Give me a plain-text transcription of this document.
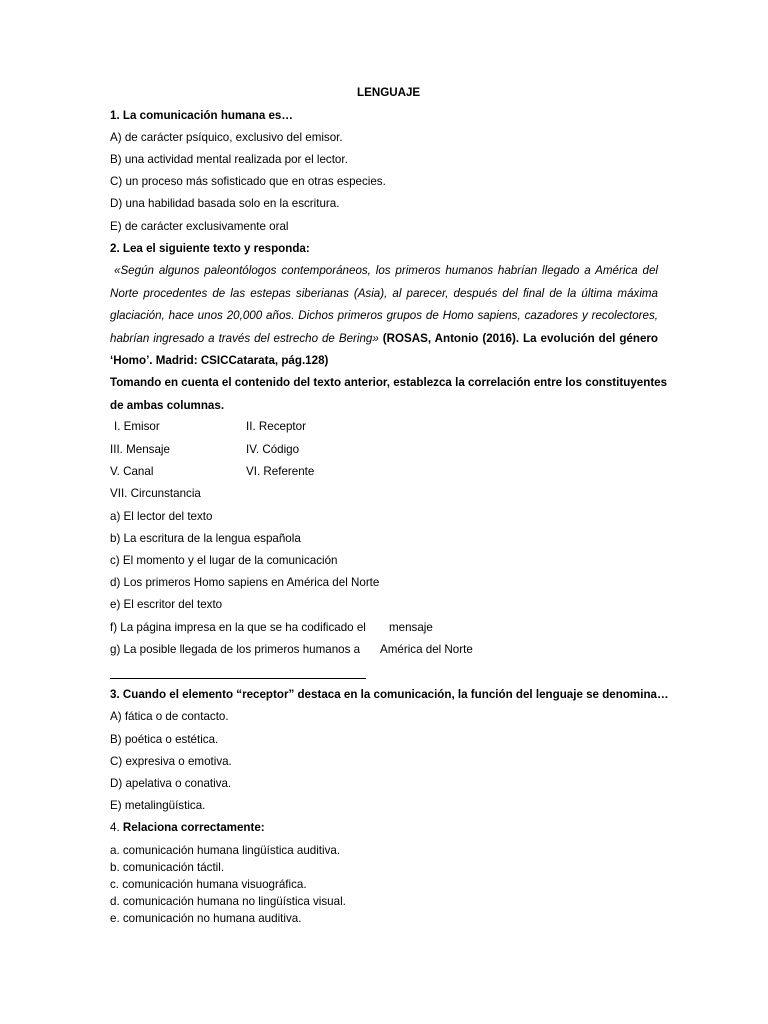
LENGUAJE

1. La comunicación humana es…

A) de carácter psíquico, exclusivo del emisor.

B) una actividad mental realizada por el lector.

C) un proceso más sofisticado que en otras especies.

D) una habilidad basada solo en la escritura.

E) de carácter exclusivamente oral

2. Lea el siguiente texto y responda:

«Según algunos paleontólogos contemporáneos, los primeros humanos habrían llegado a América del

Norte procedentes de las estepas siberianas (Asia), al parecer, después del final de la última máxima

glaciación, hace unos 20,000 años. Dichos primeros grupos de Homo sapiens, cazadores y recolectores,

habrían ingresado a través del estrecho de Bering» (ROSAS, Antonio (2016). La evolución del género

‘Homo’. Madrid: CSICCatarata, pág.128)

Tomando en cuenta el contenido del texto anterior, establezca la correlación entre los constituyentes

de ambas columnas.

I. Emisor	II. Receptor

III. Mensaje	IV. Código

V. Canal	VI. Referente

VII. Circunstancia

a) El lector del texto

b) La escritura de la lengua española

c) El momento y el lugar de la comunicación

d) Los primeros Homo sapiens en América del Norte

e) El escritor del texto

f) La página impresa en la que se ha codificado el mensaje

g) La posible llegada de los primeros humanos a América del Norte

3. Cuando el elemento “receptor” destaca en la comunicación, la función del lenguaje se denomina…

A) fática o de contacto.

B) poética o estética.

C) expresiva o emotiva.

D) apelativa o conativa.

E) metalingüística.

4. Relaciona correctamente:

a. comunicación humana lingüística auditiva.

b. comunicación táctil.

c. comunicación humana visuográfica.

d. comunicación humana no lingüística visual.

e. comunicación no humana auditiva.
